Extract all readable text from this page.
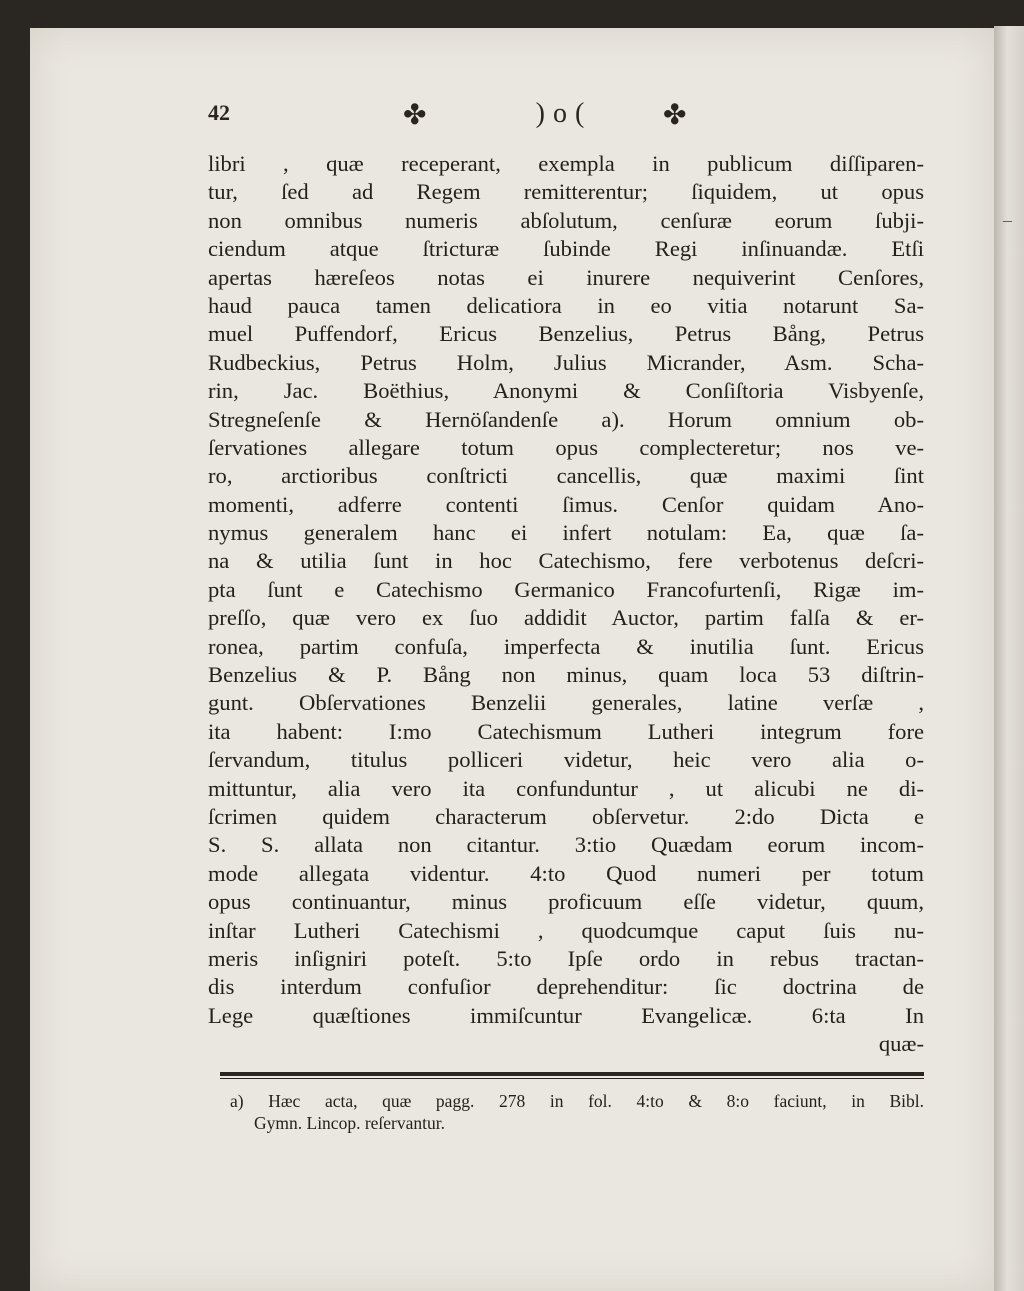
–
42	✤	)o(	✤
libri , quæ receperant, exempla in publicum diſſiparen-
tur, ſed ad Regem remitterentur; ſiquidem, ut opus
non omnibus numeris abſolutum, cenſuræ eorum ſubji-
ciendum atque ſtricturæ ſubinde Regi inſinuandæ. Etſi
apertas hæreſeos notas ei inurere nequiverint Cenſores,
haud pauca tamen delicatiora in eo vitia notarunt Sa-
muel Puffendorf, Ericus Benzelius, Petrus Bång, Petrus
Rudbeckius, Petrus Holm, Julius Micrander, Asm. Scha-
rin, Jac. Boëthius, Anonymi & Conſiſtoria Visbyenſe,
Stregneſenſe & Hernöſandenſe a). Horum omnium ob-
ſervationes allegare totum opus complecteretur; nos ve-
ro, arctioribus conſtricti cancellis, quæ maximi ſint
momenti, adferre contenti ſimus. Cenſor quidam Ano-
nymus generalem hanc ei infert notulam: Ea, quæ ſa-
na & utilia ſunt in hoc Catechismo, fere verbotenus deſcri-
pta ſunt e Catechismo Germanico Francofurtenſi, Rigæ im-
preſſo, quæ vero ex ſuo addidit Auctor, partim falſa & er-
ronea, partim confuſa, imperfecta & inutilia ſunt. Ericus
Benzelius & P. Bång non minus, quam loca 53 diſtrin-
gunt. Obſervationes Benzelii generales, latine verſæ ,
ita habent: I:mo Catechismum Lutheri integrum fore
ſervandum, titulus polliceri videtur, heic vero alia o-
mittuntur, alia vero ita confunduntur , ut alicubi ne di-
ſcrimen quidem characterum obſervetur. 2:do Dicta e
S. S. allata non citantur. 3:tio Quædam eorum incom-
mode allegata videntur. 4:to Quod numeri per totum
opus continuantur, minus proficuum eſſe videtur, quum,
inſtar Lutheri Catechismi , quodcumque caput ſuis nu-
meris inſigniri poteſt. 5:to Ipſe ordo in rebus tractan-
dis interdum confuſior deprehenditur: ſic doctrina de
Lege quæſtiones immiſcuntur Evangelicæ. 6:ta In
quæ-
a) Hæc acta, quæ pagg. 278 in fol. 4:to & 8:o faciunt, in Bibl.
Gymn. Lincop. reſervantur.
